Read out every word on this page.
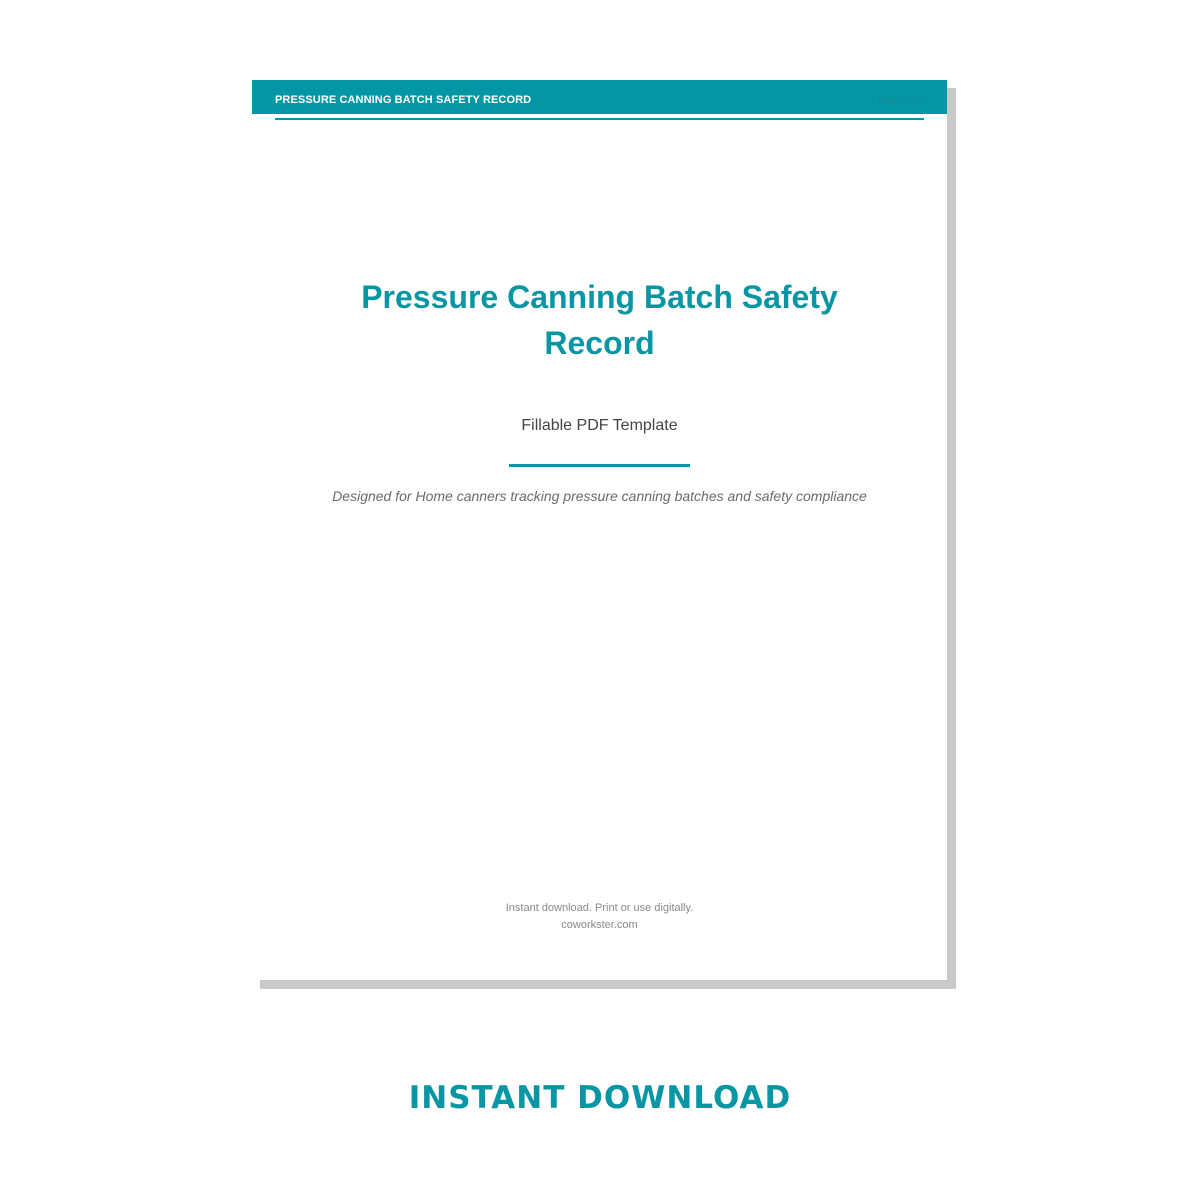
PRESSURE CANNING BATCH SAFETY RECORD	Page 1 of 4
Pressure Canning Batch Safety
Record
Fillable PDF Template
Designed for Home canners tracking pressure canning batches and safety compliance
Instant download. Print or use digitally.
coworkster.com
INSTANT DOWNLOAD
